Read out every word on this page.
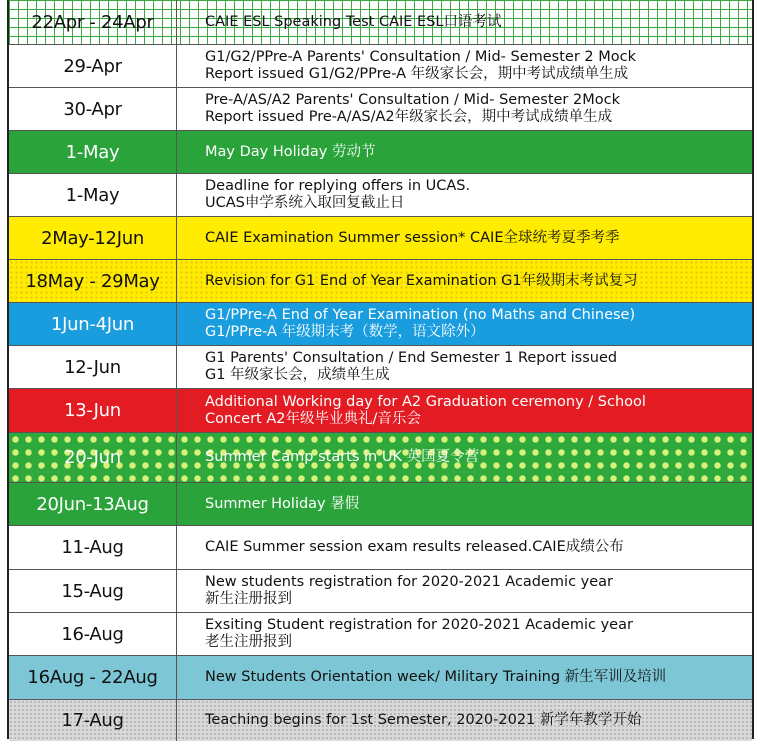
22Apr - 24Apr	CAIE ESL Speaking Test CAIE ESL口语考试
29-Apr	G1/G2/PPre-A Parents' Consultation / Mid- Semester 2 Mock
Report issued G1/G2/PPre-A 年级家长会，期中考试成绩单生成
30-Apr	Pre-A/AS/A2 Parents' Consultation / Mid- Semester 2Mock
Report issued Pre-A/AS/A2年级家长会，期中考试成绩单生成
1-May	May Day Holiday 劳动节
1-May	Deadline for replying offers in UCAS.
UCAS申学系统入取回复截止日
2May-12Jun	CAIE Examination Summer session* CAIE全球统考夏季考季
18May - 29May	Revision for G1 End of Year Examination G1年级期末考试复习
1Jun-4Jun	G1/PPre-A End of Year Examination (no Maths and Chinese)
G1/PPre-A 年级期末考（数学，语文除外）
12-Jun	G1 Parents' Consultation / End Semester 1 Report issued
G1 年级家长会，成绩单生成
13-Jun	Additional Working day for A2 Graduation ceremony / School
Concert A2年级毕业典礼/音乐会
20-Jun	Summer Camp starts in UK 英国夏令营
20Jun-13Aug	Summer Holiday 暑假
11-Aug	CAIE Summer session exam results released.CAIE成绩公布
15-Aug	New students registration for 2020-2021 Academic year
新生注册报到
16-Aug	Exsiting Student registration for 2020-2021 Academic year
老生注册报到
16Aug - 22Aug	New Students Orientation week/ Military Training 新生军训及培训
17-Aug	Teaching begins for 1st Semester, 2020-2021 新学年教学开始
